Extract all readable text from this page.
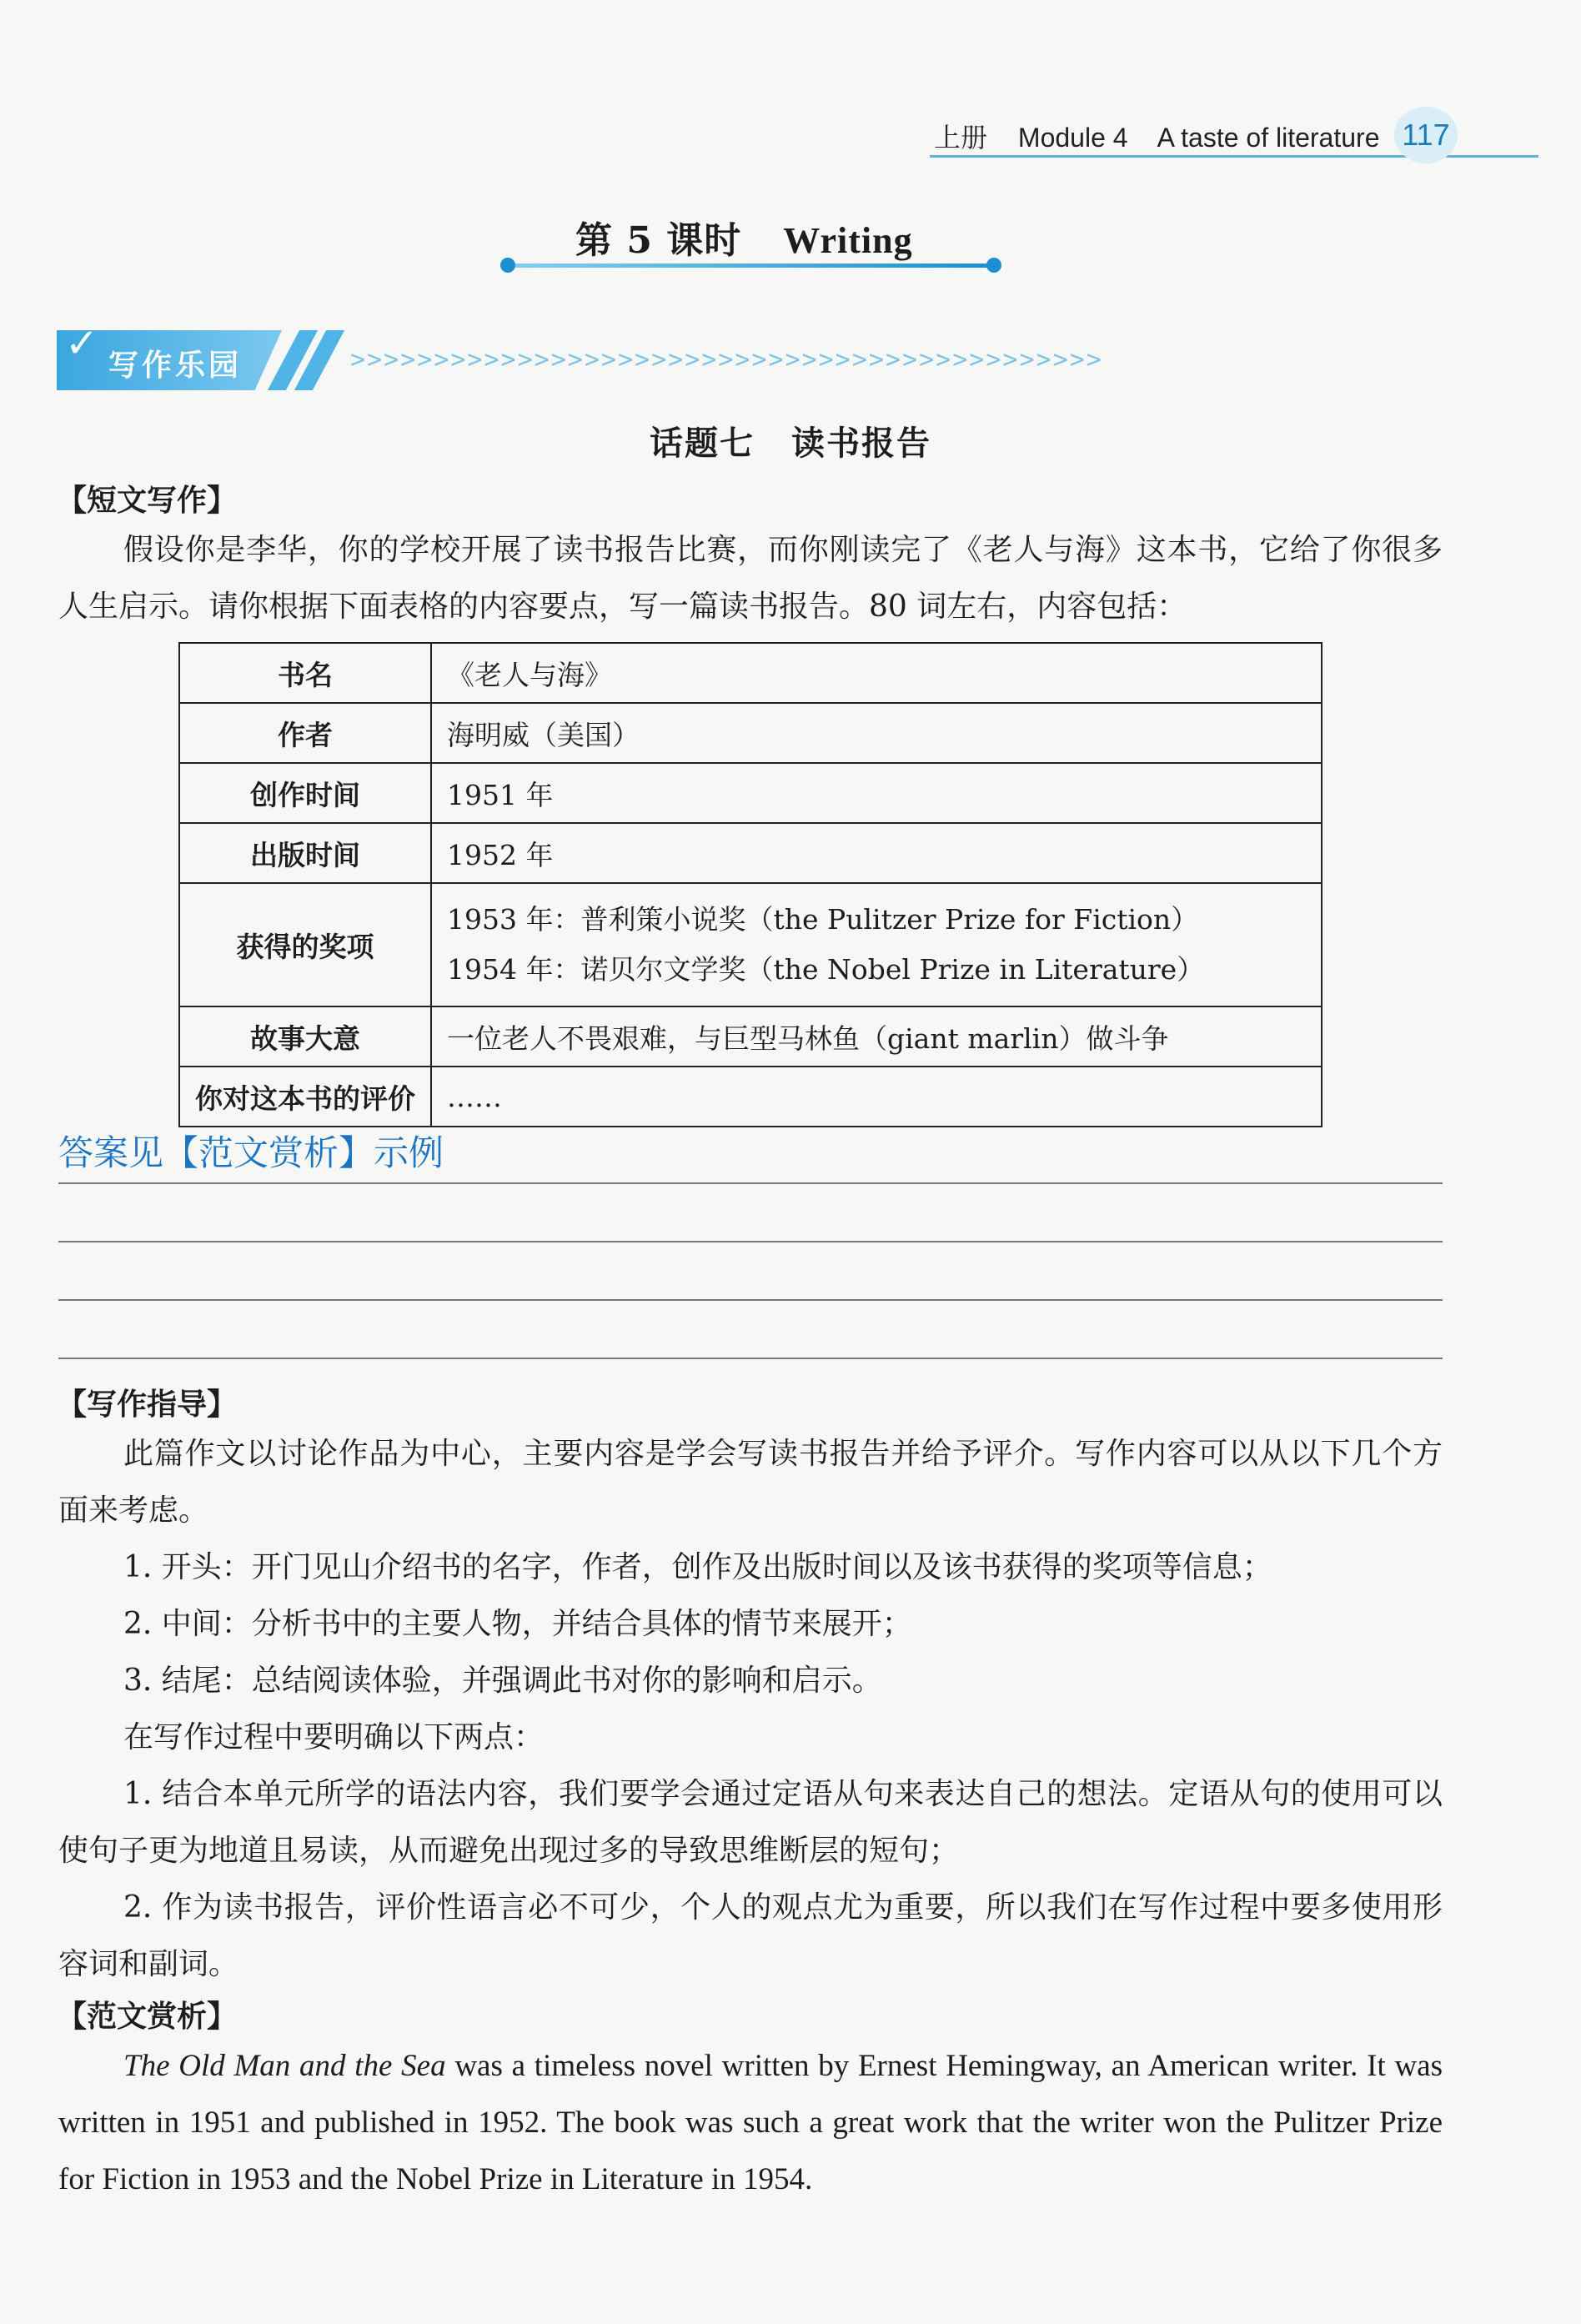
上册 Module 4 A taste of literature 117
第 5 课时 Writing
✓ 写作乐园	>>>>>>>>>>>>>>>>>>>>>>>>>>>>>>>>>>>>>>>>>>>>>
话题七 读书报告
【短文写作】
假设你是李华，你的学校开展了读书报告比赛，而你刚读完了《老人与海》这本书，它给了你很多人生启示。请你根据下面表格的内容要点，写一篇读书报告。80 词左右，内容包括：
书名	《老人与海》
作者	海明威（美国）
创作时间	1951 年
出版时间	1952 年
获得的奖项	1953 年：普利策小说奖（the Pulitzer Prize for Fiction）
1954 年：诺贝尔文学奖（the Nobel Prize in Literature）

故事大意	一位老人不畏艰难，与巨型马林鱼（giant marlin）做斗争
你对这本书的评价	……
答案见【范文赏析】示例
【写作指导】
此篇作文以讨论作品为中心，主要内容是学会写读书报告并给予评介。写作内容可以从以下几个方面来考虑。
1. 开头：开门见山介绍书的名字，作者，创作及出版时间以及该书获得的奖项等信息；
2. 中间：分析书中的主要人物，并结合具体的情节来展开；
3. 结尾：总结阅读体验，并强调此书对你的影响和启示。
在写作过程中要明确以下两点：
1. 结合本单元所学的语法内容，我们要学会通过定语从句来表达自己的想法。定语从句的使用可以使句子更为地道且易读，从而避免出现过多的导致思维断层的短句；
2. 作为读书报告，评价性语言必不可少，个人的观点尤为重要，所以我们在写作过程中要多使用形容词和副词。
【范文赏析】
The Old Man and the Sea was a timeless novel written by Ernest Hemingway, an American writer. It was written in 1951 and published in 1952. The book was such a great work that the writer won the Pulitzer Prize for Fiction in 1953 and the Nobel Prize in Literature in 1954.
